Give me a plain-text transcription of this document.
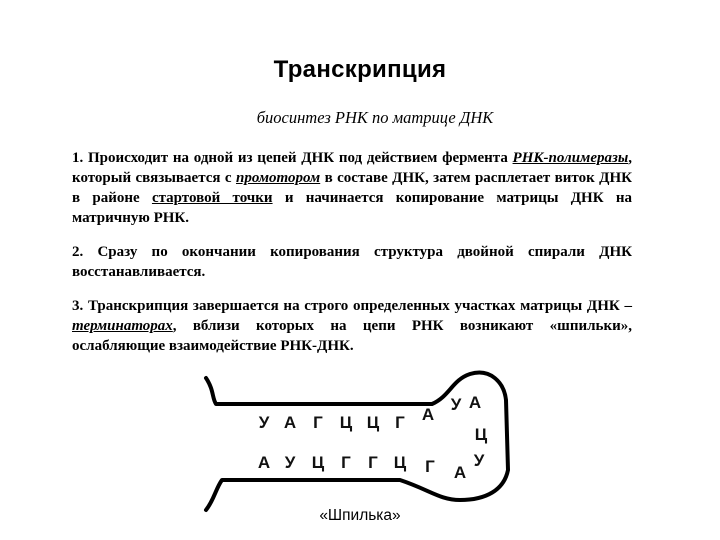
Транскрипция
биосинтез РНК по матрице ДНК
1. Происходит на одной из цепей ДНК под действием фермента РНК-полимеразы, который связывается с промотором в составе ДНК, затем расплетает виток ДНК в районе стартовой точки и начинается копирование матрицы ДНК на матричную РНК.
2. Сразу по окончании копирования структура двойной спирали ДНК восстанавливается.
3. Транскрипция завершается на строго определенных участках матрицы ДНК – терминаторах, вблизи которых на цепи РНК возникают «шпильки», ослабляющие взаимодействие РНК-ДНК.
У А Г Ц Ц Г
А У Ц Г Г Ц
А
У А
Ц
У
А
Г
«Шпилька»
